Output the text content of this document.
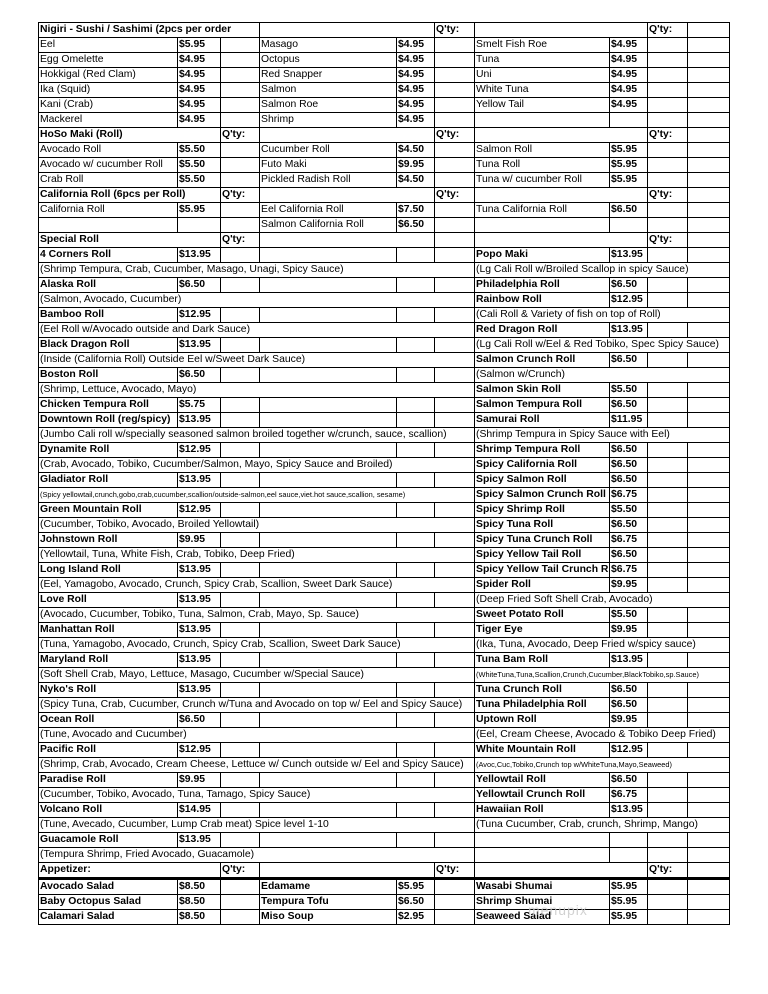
Nigiri - Sushi / Sashimi (2pcs per order					Q'ty:			Q'ty:	
Eel	$5.95		Masago	$4.95		Smelt Fish Roe	$4.95		
Egg Omelette	$4.95		Octopus	$4.95		Tuna	$4.95		
Hokkigal (Red Clam)	$4.95		Red Snapper	$4.95		Uni	$4.95		
Ika (Squid)	$4.95		Salmon	$4.95		White Tuna	$4.95		
Kani (Crab)	$4.95		Salmon Roe	$4.95		Yellow Tail	$4.95		
Mackerel	$4.95		Shrimp	$4.95					
HoSo Maki (Roll)		Q'ty:			Q'ty:			Q'ty:	
Avocado Roll	$5.50		Cucumber Roll	$4.50		Salmon Roll	$5.95		
Avocado w/ cucumber Roll	$5.50		Futo Maki	$9.95		Tuna Roll	$5.95		
Crab Roll	$5.50		Pickled Radish Roll	$4.50		Tuna w/ cucumber Roll	$5.95		
California Roll (6pcs per Roll)		Q'ty:			Q'ty:			Q'ty:	
California Roll	$5.95		Eel California Roll	$7.50		Tuna California Roll	$6.50		
			Salmon California Roll	$6.50					
Special Roll		Q'ty:						Q'ty:	
4 Corners Roll	$13.95					Popo Maki	$13.95		
(Shrimp Tempura, Crab, Cucumber, Masago, Unagi, Spicy Sauce)						(Lg Cali Roll w/Broiled Scallop in spicy Sauce)			
Alaska Roll	$6.50					Philadelphia Roll	$6.50		
(Salmon, Avocado, Cucumber)						Rainbow Roll	$12.95		
Bamboo Roll	$12.95					(Cali Roll & Variety of fish on top of Roll)			
(Eel Roll w/Avocado outside and Dark Sauce)						Red Dragon Roll	$13.95		
Black Dragon Roll	$13.95					(Lg Cali Roll w/Eel & Red Tobiko, Spec Spicy Sauce)			
(Inside (California Roll) Outside Eel w/Sweet Dark Sauce)						Salmon Crunch Roll	$6.50		
Boston Roll	$6.50					(Salmon w/Crunch)			
(Shrimp, Lettuce, Avocado, Mayo)						Salmon Skin Roll	$5.50		
Chicken Tempura Roll	$5.75					Salmon Tempura Roll	$6.50		
Downtown Roll (reg/spicy)	$13.95					Samurai Roll	$11.95		
(Jumbo Cali roll w/specially seasoned salmon broiled together w/crunch, sauce, scallion)						(Shrimp Tempura in Spicy Sauce with Eel)			
Dynamite Roll	$12.95					Shrimp Tempura Roll	$6.50		
(Crab, Avocado, Tobiko, Cucumber/Salmon, Mayo, Spicy Sauce and Broiled)						Spicy California Roll	$6.50		
Gladiator Roll	$13.95					Spicy Salmon Roll	$6.50		
(Spicy yellowtail,crunch,gobo,crab,cucumber,scallion/outside-salmon,eel sauce,viet.hot sauce,scallion, sesame)						Spicy Salmon Crunch Roll	$6.75		
Green Mountain Roll	$12.95					Spicy Shrimp Roll	$5.50		
(Cucumber, Tobiko, Avocado, Broiled Yellowtail)						Spicy Tuna Roll	$6.50		
Johnstown Roll	$9.95					Spicy Tuna Crunch Roll	$6.75		
(Yellowtail, Tuna, White Fish, Crab, Tobiko, Deep Fried)						Spicy Yellow Tail Roll	$6.50		
Long Island Roll	$13.95					Spicy Yellow Tail Crunch R	$6.75		
(Eel, Yamagobo, Avocado, Crunch, Spicy Crab, Scallion, Sweet Dark Sauce)						Spider Roll	$9.95		
Love Roll	$13.95					(Deep Fried Soft Shell Crab, Avocado)			
(Avocado, Cucumber, Tobiko, Tuna, Salmon, Crab, Mayo, Sp. Sauce)						Sweet Potato Roll	$5.50		
Manhattan Roll	$13.95					Tiger Eye	$9.95		
(Tuna, Yamagobo, Avocado, Crunch, Spicy Crab, Scallion, Sweet Dark Sauce)						(Ika, Tuna, Avocado, Deep Fried w/spicy sauce)			
Maryland Roll	$13.95					Tuna Bam Roll	$13.95		
(Soft Shell Crab, Mayo, Lettuce, Masago, Cucumber w/Special Sauce)						(WhiteTuna,Tuna,Scallion,Crunch,Cucumber,BlackTobiko,sp.Sauce)			
Nyko's Roll	$13.95					Tuna Crunch Roll	$6.50		
(Spicy Tuna, Crab, Cucumber, Crunch w/Tuna and Avocado on top w/ Eel and Spicy Sauce)						Tuna Philadelphia Roll	$6.50		
Ocean Roll	$6.50					Uptown Roll	$9.95		
(Tune, Avocado and Cucumber)						(Eel, Cream Cheese, Avocado & Tobiko Deep Fried)			
Pacific Roll	$12.95					White Mountain Roll	$12.95		
(Shrimp, Crab, Avocado, Cream Cheese, Lettuce w/ Cunch outside w/ Eel and Spicy Sauce)						(Avoc,Cuc,Tobiko,Crunch top w/WhiteTuna,Mayo,Seaweed)			
Paradise Roll	$9.95					Yellowtail Roll	$6.50		
(Cucumber, Tobiko, Avocado, Tuna, Tamago, Spicy Sauce)						Yellowtail Crunch Roll	$6.75		
Volcano Roll	$14.95					Hawaiian Roll	$13.95		
(Tune, Avecado, Cucumber, Lump Crab meat) Spice level 1-10						(Tuna Cucumber, Crab, crunch, Shrimp, Mango)			
Guacamole Roll	$13.95								
(Tempura Shrimp, Fried Avocado, Guacamole)									
Appetizer:		Q'ty:			Q'ty:			Q'ty:	
Avocado Salad	$8.50		Edamame	$5.95		Wasabi Shumai	$5.95		
Baby Octopus Salad	$8.50		Tempura Tofu	$6.50		Shrimp Shumai	$5.95		
Calamari Salad	$8.50		Miso Soup	$2.95		Seaweed Salad	$5.95		
menupix
